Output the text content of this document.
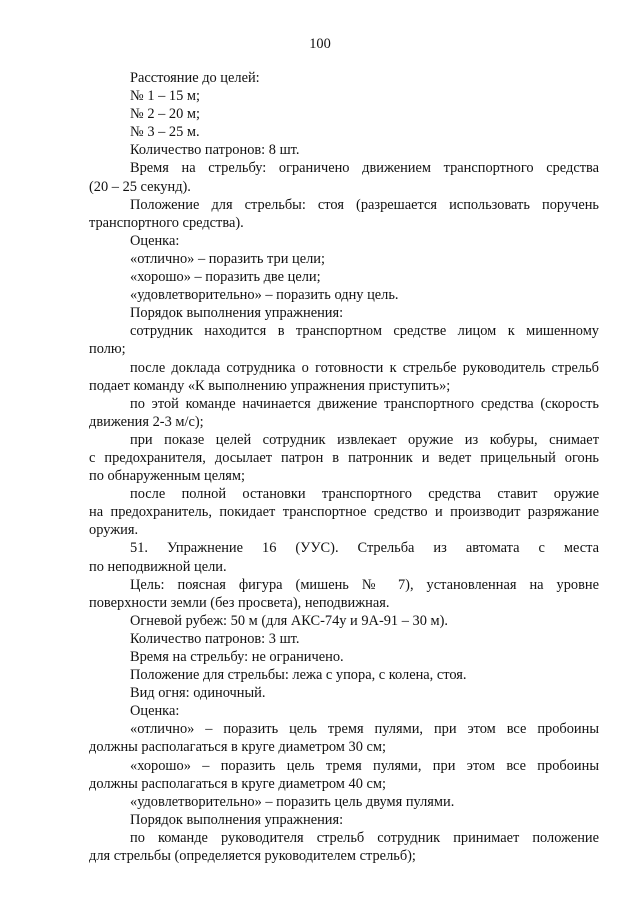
100
Расстояние до целей:
№ 1 – 15 м;
№ 2 – 20 м;
№ 3 – 25 м.
Количество патронов: 8 шт.
Время на стрельбу: ограничено движением транспортного средства
(20 – 25 секунд).
Положение для стрельбы: стоя (разрешается использовать поручень
транспортного средства).
Оценка:
«отлично» – поразить три цели;
«хорошо» – поразить две цели;
«удовлетворительно» – поразить одну цель.
Порядок выполнения упражнения:
сотрудник находится в транспортном средстве лицом к мишенному
полю;
после доклада сотрудника о готовности к стрельбе руководитель стрельб
подает команду «К выполнению упражнения приступить»;
по этой команде начинается движение транспортного средства (скорость
движения 2-3 м/с);
при показе целей сотрудник извлекает оружие из кобуры, снимает
с предохранителя, досылает патрон в патронник и ведет прицельный огонь
по обнаруженным целям;
после полной остановки транспортного средства ставит оружие
на предохранитель, покидает транспортное средство и производит разряжание
оружия.
51. Упражнение 16 (УУС). Стрельба из автомата с места
по неподвижной цели.
Цель: поясная фигура (мишень № 7), установленная на уровне
поверхности земли (без просвета), неподвижная.
Огневой рубеж: 50 м (для АКС-74у и 9А-91 – 30 м).
Количество патронов: 3 шт.
Время на стрельбу: не ограничено.
Положение для стрельбы: лежа с упора, с колена, стоя.
Вид огня: одиночный.
Оценка:
«отлично» – поразить цель тремя пулями, при этом все пробоины
должны располагаться в круге диаметром 30 см;
«хорошо» – поразить цель тремя пулями, при этом все пробоины
должны располагаться в круге диаметром 40 см;
«удовлетворительно» – поразить цель двумя пулями.
Порядок выполнения упражнения:
по команде руководителя стрельб сотрудник принимает положение
для стрельбы (определяется руководителем стрельб);
